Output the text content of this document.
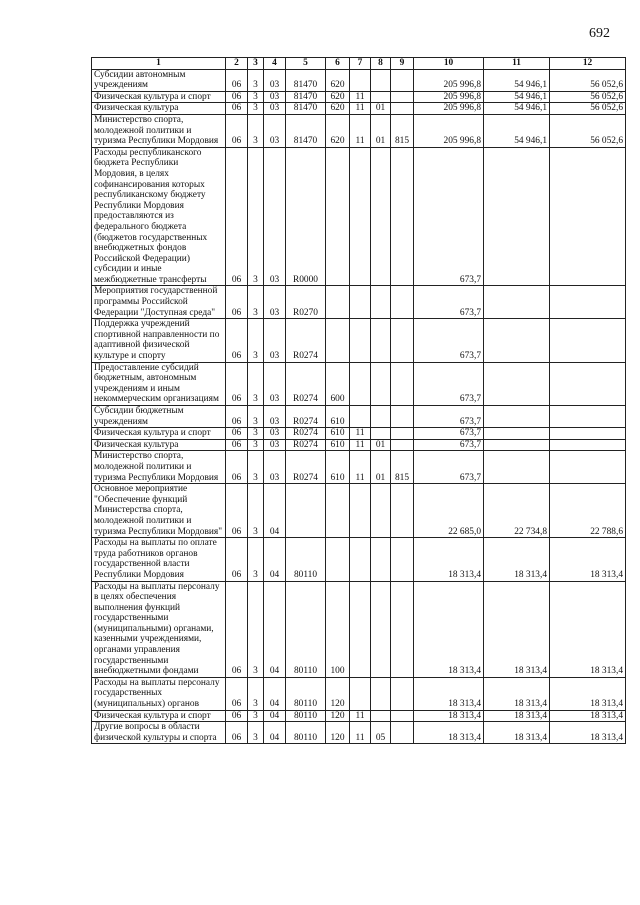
692
1	2	3	4	5	6	7	8	9	10	11	12
Субсидии автономным учреждениям	06	3	03	81470	620				205 996,8	54 946,1	56 052,6
Физическая культура и спорт	06	3	03	81470	620	11			205 996,8	54 946,1	56 052,6
Физическая культура	06	3	03	81470	620	11	01		205 996,8	54 946,1	56 052,6
Министерство спорта, молодежной политики и туризма Республики Мордовия	06	3	03	81470	620	11	01	815	205 996,8	54 946,1	56 052,6
Расходы республиканского бюджета Республики Мордовия, в целях софинансирования которых республиканскому бюджету Республики Мордовия предоставляются из федерального бюджета (бюджетов государственных внебюджетных фондов Российской Федерации) субсидии и иные межбюджетные трансферты	06	3	03	R0000					673,7		
Мероприятия государственной программы Российской Федерации "Доступная среда"	06	3	03	R0270					673,7		
Поддержка учреждений спортивной направленности по адаптивной физической культуре и спорту	06	3	03	R0274					673,7		
Предоставление субсидий бюджетным, автономным учреждениям и иным некоммерческим организациям	06	3	03	R0274	600				673,7		
Субсидии бюджетным учреждениям	06	3	03	R0274	610				673,7		
Физическая культура и спорт	06	3	03	R0274	610	11			673,7		
Физическая культура	06	3	03	R0274	610	11	01		673,7		
Министерство спорта, молодежной политики и туризма Республики Мордовия	06	3	03	R0274	610	11	01	815	673,7		
Основное мероприятие "Обеспечение функций Министерства спорта, молодежной политики и туризма Республики Мордовия"	06	3	04						22 685,0	22 734,8	22 788,6
Расходы на выплаты по оплате труда работников органов государственной власти Республики Мордовия	06	3	04	80110					18 313,4	18 313,4	18 313,4
Расходы на выплаты персоналу в целях обеспечения выполнения функций государственными (муниципальными) органами, казенными учреждениями, органами управления государственными внебюджетными фондами	06	3	04	80110	100				18 313,4	18 313,4	18 313,4
Расходы на выплаты персоналу государственных (муниципальных) органов	06	3	04	80110	120				18 313,4	18 313,4	18 313,4
Физическая культура и спорт	06	3	04	80110	120	11			18 313,4	18 313,4	18 313,4
Другие вопросы в области физической культуры и спорта	06	3	04	80110	120	11	05		18 313,4	18 313,4	18 313,4
